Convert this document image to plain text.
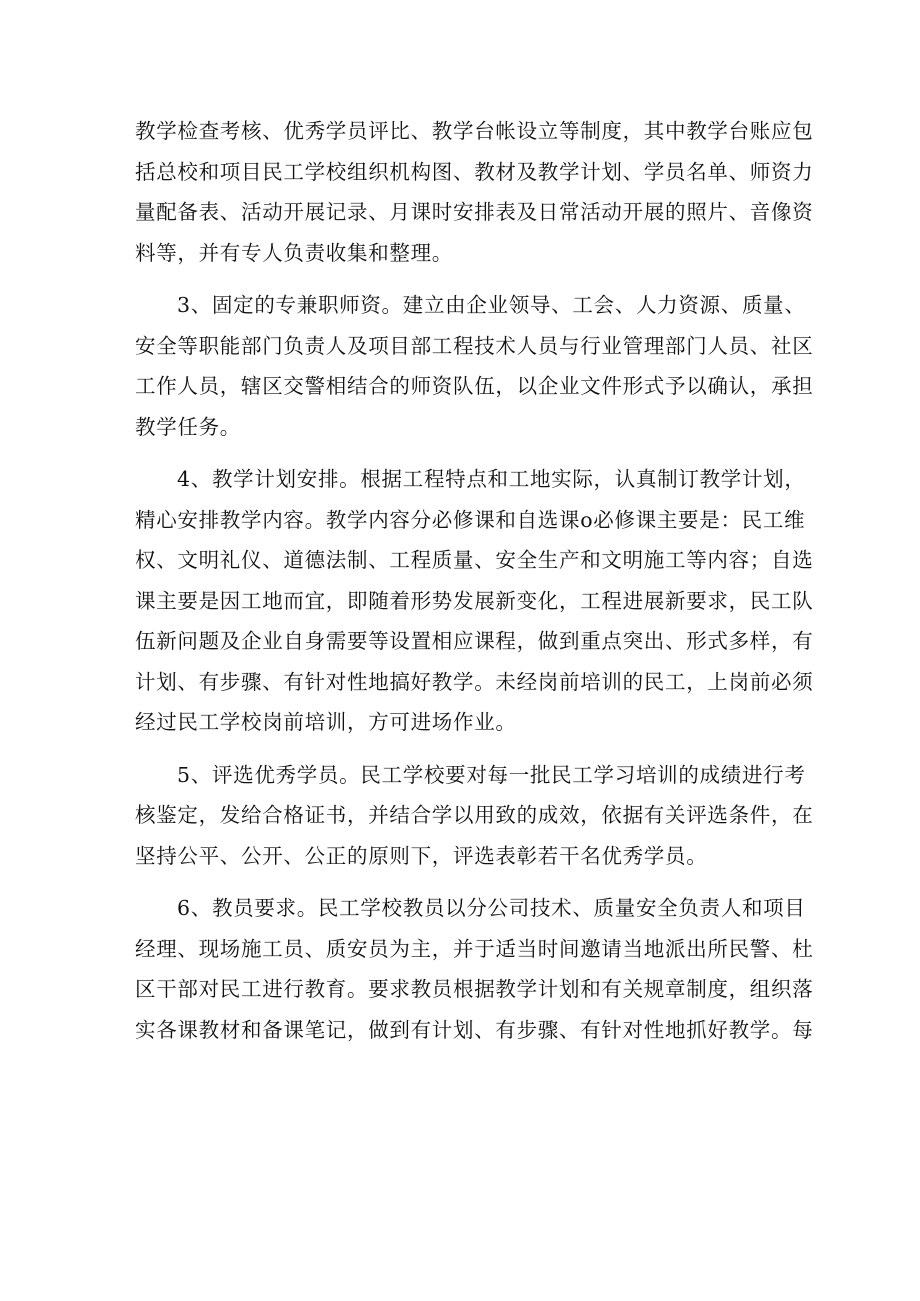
教学检查考核、优秀学员评比、教学台帐设立等制度，其中教学台账应包
括总校和项目民工学校组织机构图、教材及教学计划、学员名单、师资力
量配备表、活动开展记录、月课时安排表及日常活动开展的照片、音像资
料等，并有专人负责收集和整理。
3、固定的专兼职师资。建立由企业领导、工会、人力资源、质量、
安全等职能部门负责人及项目部工程技术人员与行业管理部门人员、社区
工作人员，辖区交警相结合的师资队伍，以企业文件形式予以确认，承担
教学任务。
4、教学计划安排。根据工程特点和工地实际，认真制订教学计划，
精心安排教学内容。教学内容分必修课和自选课o必修课主要是：民工维
权、文明礼仪、道德法制、工程质量、安全生产和文明施工等内容；自选
课主要是因工地而宜，即随着形势发展新变化，工程进展新要求，民工队
伍新问题及企业自身需要等设置相应课程，做到重点突出、形式多样，有
计划、有步骤、有针对性地搞好教学。未经岗前培训的民工，上岗前必须
经过民工学校岗前培训，方可进场作业。
5、评选优秀学员。民工学校要对每一批民工学习培训的成绩进行考
核鉴定，发给合格证书，并结合学以用致的成效，依据有关评选条件，在
坚持公平、公开、公正的原则下，评选表彰若干名优秀学员。
6、教员要求。民工学校教员以分公司技术、质量安全负责人和项目
经理、现场施工员、质安员为主，并于适当时间邀请当地派出所民警、杜
区干部对民工进行教育。要求教员根据教学计划和有关规章制度，组织落
实各课教材和备课笔记，做到有计划、有步骤、有针对性地抓好教学。每
